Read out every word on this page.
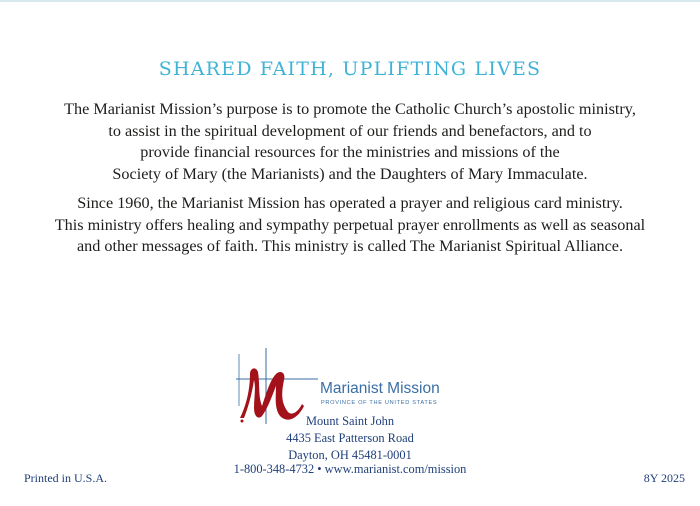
SHARED FAITH, UPLIFTING LIVES
The Marianist Mission’s purpose is to promote the Catholic Church’s apostolic ministry,
to assist in the spiritual development of our friends and benefactors, and to
provide financial resources for the ministries and missions of the
Society of Mary (the Marianists) and the Daughters of Mary Immaculate.
Since 1960, the Marianist Mission has operated a prayer and religious card ministry.
This ministry offers healing and sympathy perpetual prayer enrollments as well as seasonal
and other messages of faith. This ministry is called The Marianist Spiritual Alliance.
Marianist Mission
PROVINCE OF THE UNITED STATES
Mount Saint John
4435 East Patterson Road
Dayton, OH 45481-0001
1-800-348-4732 • www.marianist.com/mission
Printed in U.S.A.	8Y 2025
